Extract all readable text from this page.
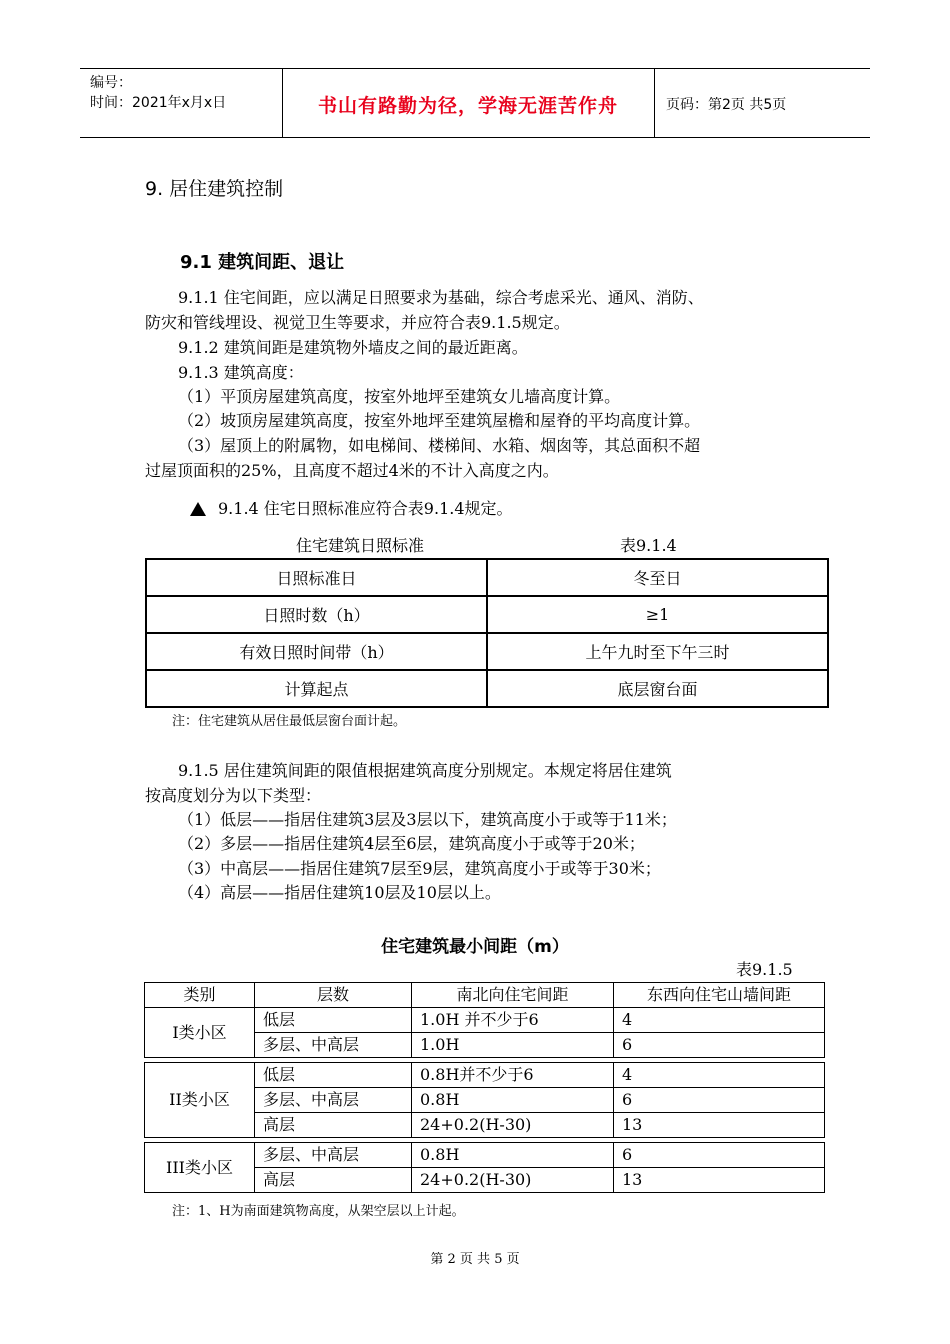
编号：
时间：2021年x月x日	书山有路勤为径，学海无涯苦作舟	页码：第2页 共5页
9. 居住建筑控制
9.1 建筑间距、退让
9.1.1 住宅间距，应以满足日照要求为基础，综合考虑采光、通风、消防、
防灾和管线埋设、视觉卫生等要求，并应符合表9.1.5规定。
9.1.2 建筑间距是建筑物外墙皮之间的最近距离。
9.1.3 建筑高度：
（1）平顶房屋建筑高度，按室外地坪至建筑女儿墙高度计算。
（2）坡顶房屋建筑高度，按室外地坪至建筑屋檐和屋脊的平均高度计算。
（3）屋顶上的附属物，如电梯间、楼梯间、水箱、烟囱等，其总面积不超
过屋顶面积的25%，且高度不超过4米的不计入高度之内。
9.1.4 住宅日照标准应符合表9.1.4规定。
住宅建筑日照标准	表9.1.4
日照标准日	冬至日
日照时数（h）	≥1
有效日照时间带（h）	上午九时至下午三时
计算起点	底层窗台面
注：住宅建筑从居住最低层窗台面计起。
9.1.5 居住建筑间距的限值根据建筑高度分别规定。本规定将居住建筑
按高度划分为以下类型：
（1）低层——指居住建筑3层及3层以下，建筑高度小于或等于11米；
（2）多层——指居住建筑4层至6层，建筑高度小于或等于20米；
（3）中高层——指居住建筑7层至9层，建筑高度小于或等于30米；
（4）高层——指居住建筑10层及10层以上。
住宅建筑最小间距（m）
表9.1.5
类别	层数	南北向住宅间距	东西向住宅山墙间距
I类小区	低层	1.0H 并不少于6	4
	多层、中高层	1.0H	6

II类小区	低层	0.8H并不少于6	4
	多层、中高层	0.8H	6
	高层	24+0.2(H-30)	13

III类小区	多层、中高层	0.8H	6
	高层	24+0.2(H-30)	13
注：1、H为南面建筑物高度，从架空层以上计起。
第 2 页 共 5 页
